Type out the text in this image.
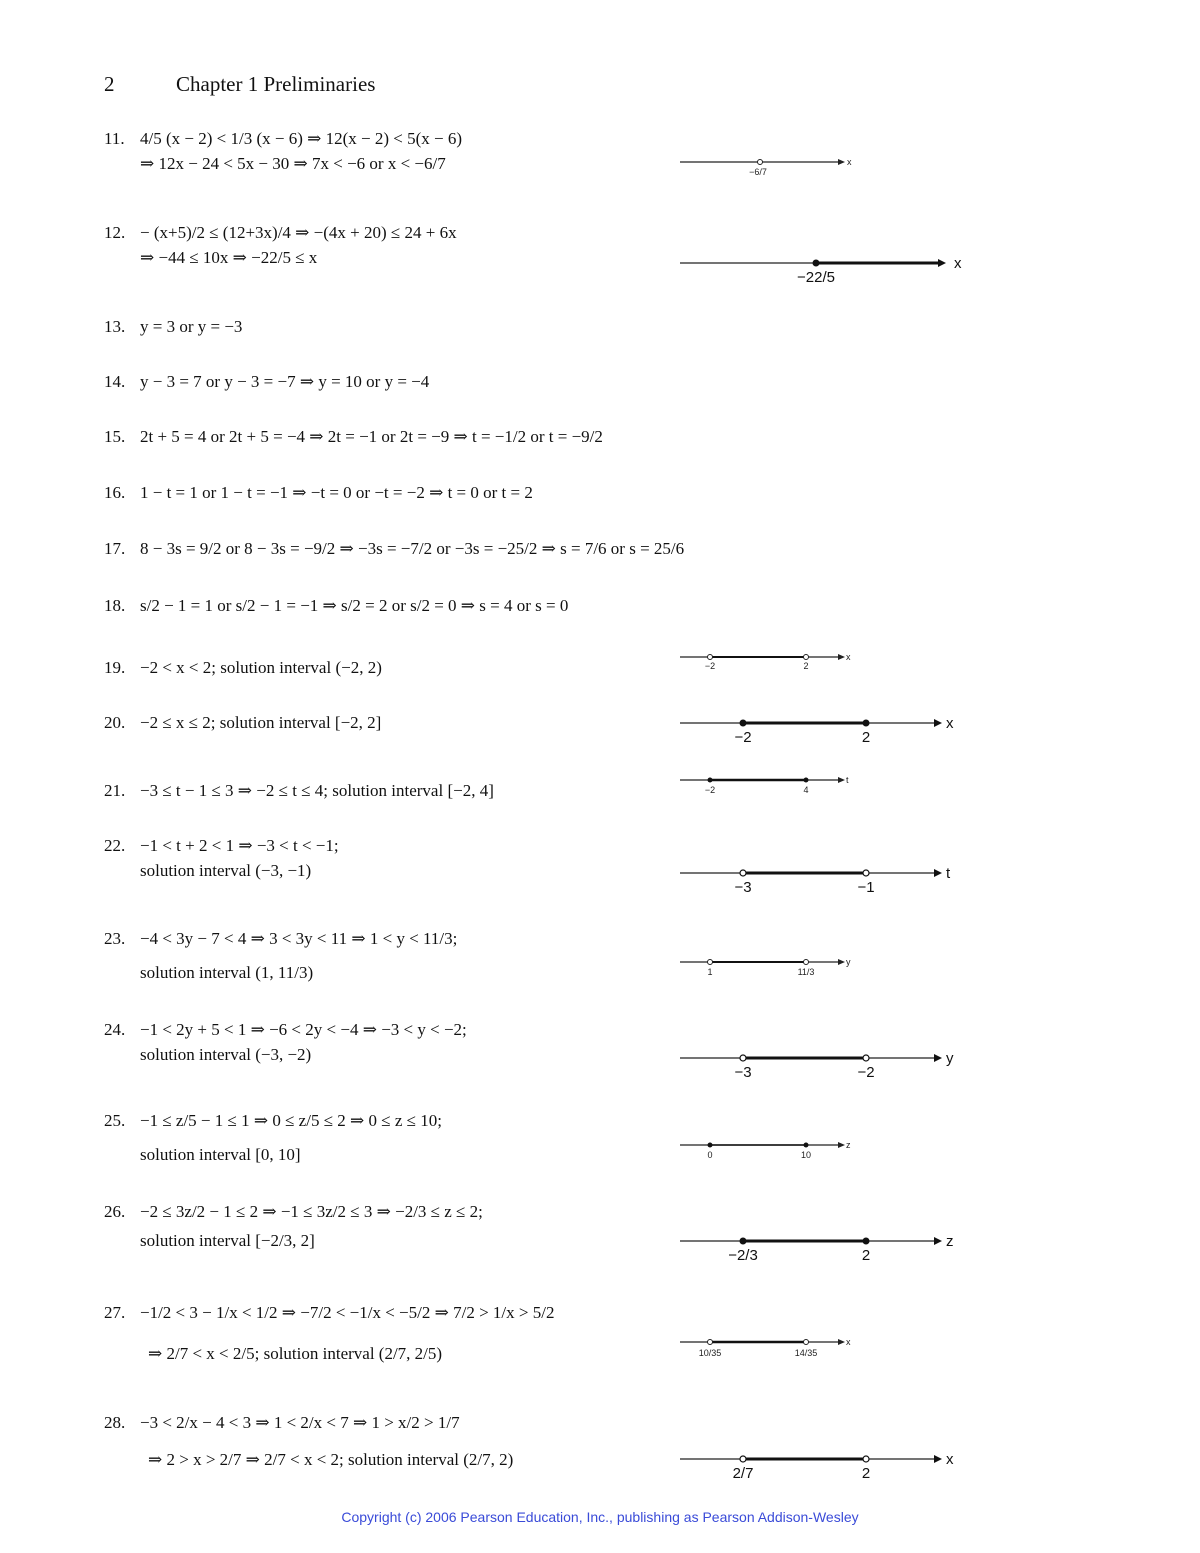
2	Chapter 1 Preliminaries
11. 4/5 (x − 2) < 1/3 (x − 6) ⇒ 12(x − 2) < 5(x − 6)
⇒ 12x − 24 < 5x − 30 ⇒ 7x < −6 or x < −6/7
12. − (x+5)/2 ≤ (12+3x)/4 ⇒ −(4x + 20) ≤ 24 + 6x
⇒ −44 ≤ 10x ⇒ −22/5 ≤ x
13. y = 3 or y = −3
14. y − 3 = 7 or y − 3 = −7 ⇒ y = 10 or y = −4
15. 2t + 5 = 4 or 2t + 5 = −4 ⇒ 2t = −1 or 2t = −9 ⇒ t = −1/2 or t = −9/2
16. 1 − t = 1 or 1 − t = −1 ⇒ −t = 0 or −t = −2 ⇒ t = 0 or t = 2
17. 8 − 3s = 9/2 or 8 − 3s = −9/2 ⇒ −3s = −7/2 or −3s = −25/2 ⇒ s = 7/6 or s = 25/6
18. s/2 − 1 = 1 or s/2 − 1 = −1 ⇒ s/2 = 2 or s/2 = 0 ⇒ s = 4 or s = 0
19. −2 < x < 2; solution interval (−2, 2)
20. −2 ≤ x ≤ 2; solution interval [−2, 2]
21. −3 ≤ t − 1 ≤ 3 ⇒ −2 ≤ t ≤ 4; solution interval [−2, 4]
22. −1 < t + 2 < 1 ⇒ −3 < t < −1;
solution interval (−3, −1)
23. −4 < 3y − 7 < 4 ⇒ 3 < 3y < 11 ⇒ 1 < y < 11/3;
solution interval (1, 11/3)
24. −1 < 2y + 5 < 1 ⇒ −6 < 2y < −4 ⇒ −3 < y < −2;
solution interval (−3, −2)
25. −1 ≤ z/5 − 1 ≤ 1 ⇒ 0 ≤ z/5 ≤ 2 ⇒ 0 ≤ z ≤ 10;
solution interval [0, 10]
26. −2 ≤ 3z/2 − 1 ≤ 2 ⇒ −1 ≤ 3z/2 ≤ 3 ⇒ −2/3 ≤ z ≤ 2;
solution interval [−2/3, 2]
27. −1/2 < 3 − 1/x < 1/2 ⇒ −7/2 < −1/x < −5/2 ⇒ 7/2 > 1/x > 5/2
⇒ 2/7 < x < 2/5; solution interval (2/7, 2/5)
28. −3 < 2/x − 4 < 3 ⇒ 1 < 2/x < 7 ⇒ 1 > x/2 > 1/7
⇒ 2 > x > 2/7 ⇒ 2/7 < x < 2; solution interval (2/7, 2)
−6/7
x
−22/5
x
−2	2
x
−2	2
x
−2	4
t
−3	−1
t
1	11/3
y
−3	−2
y
0	10
z
−2/3	2
z
10/35	14/35
x
2/7	2
x
Copyright (c) 2006 Pearson Education, Inc., publishing as Pearson Addison-Wesley
